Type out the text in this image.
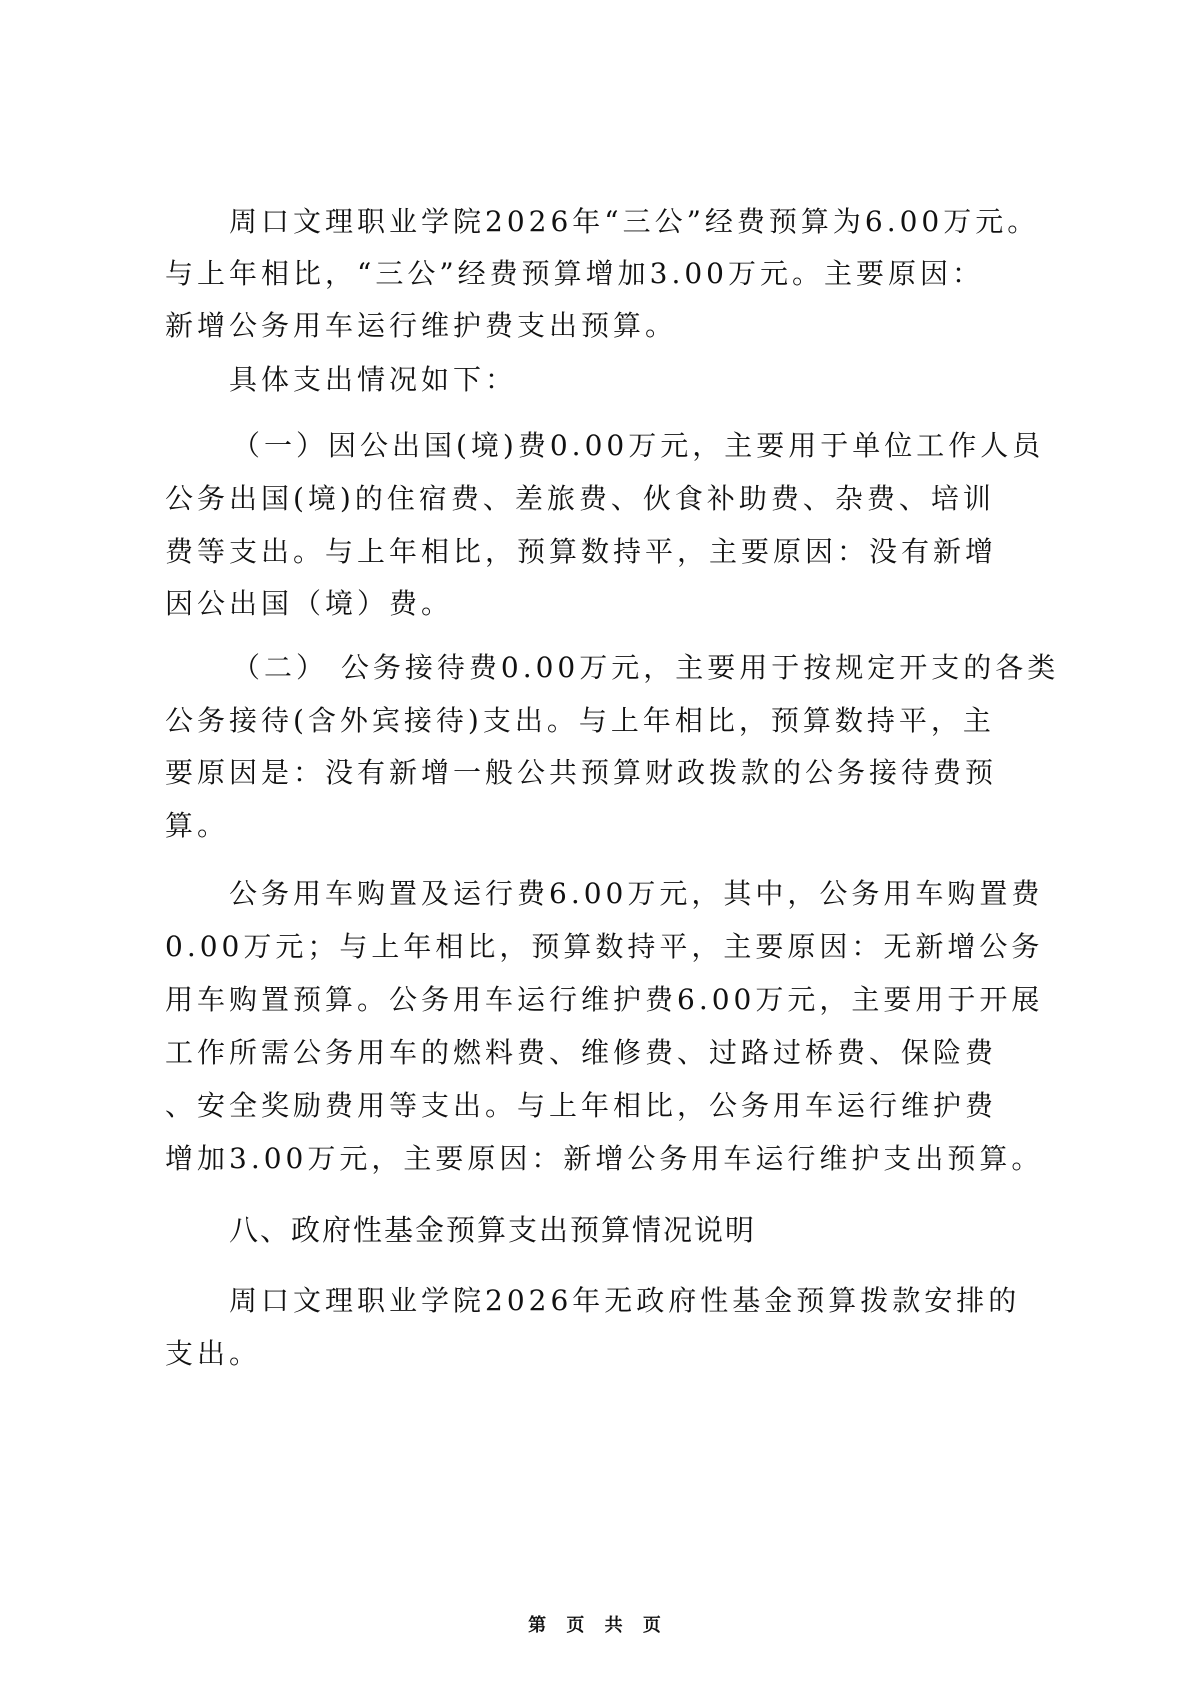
周口文理职业学院2026年“三公”经费预算为6.00万元。
与上年相比，“三公”经费预算增加3.00万元。主要原因：
新增公务用车运行维护费支出预算。
具体支出情况如下：
（一）因公出国(境)费0.00万元，主要用于单位工作人员
公务出国(境)的住宿费、差旅费、伙食补助费、杂费、培训
费等支出。与上年相比，预算数持平，主要原因：没有新增
因公出国（境）费。
（二） 公务接待费0.00万元，主要用于按规定开支的各类
公务接待(含外宾接待)支出。与上年相比，预算数持平，主
要原因是：没有新增一般公共预算财政拨款的公务接待费预
算。
公务用车购置及运行费6.00万元，其中，公务用车购置费
0.00万元；与上年相比，预算数持平，主要原因：无新增公务
用车购置预算。公务用车运行维护费6.00万元，主要用于开展
工作所需公务用车的燃料费、维修费、过路过桥费、保险费
、安全奖励费用等支出。与上年相比，公务用车运行维护费
增加3.00万元，主要原因：新增公务用车运行维护支出预算。
八、政府性基金预算支出预算情况说明
周口文理职业学院2026年无政府性基金预算拨款安排的
支出。
第 页 共 页
